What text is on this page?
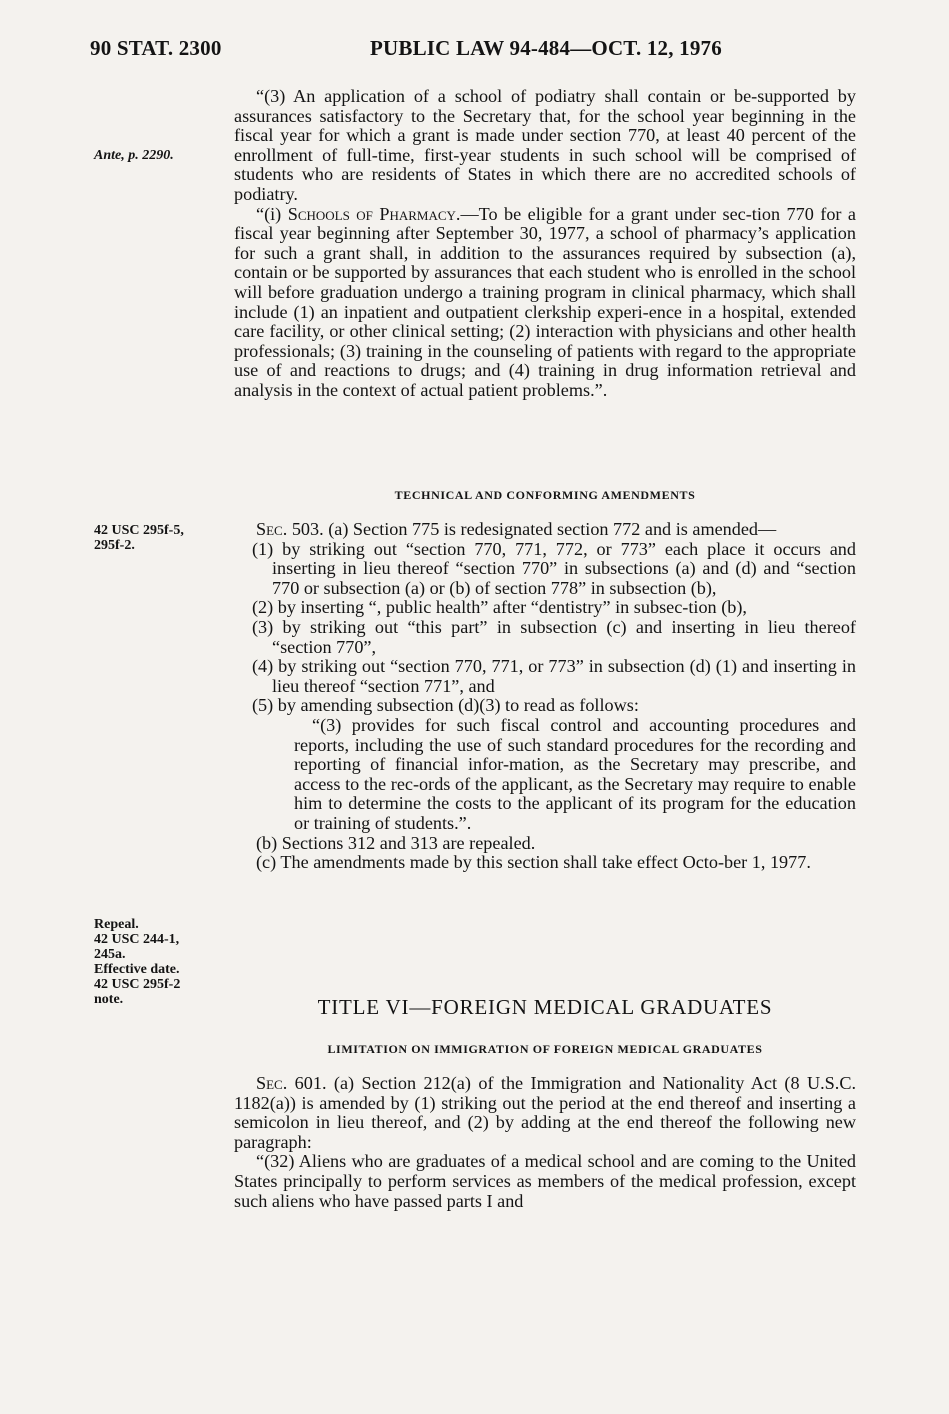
90 STAT. 2300	PUBLIC LAW 94-484—OCT. 12, 1976
Ante, p. 2290.
42 USC 295f-5,
295f-2.
Repeal.
42 USC 244-1,
245a.
Effective date.
42 USC 295f-2
note.

“(3) An application of a school of podiatry shall contain or be-supported by assurances satisfactory to the Secretary that, for the school year beginning in the fiscal year for which a grant is made under section 770, at least 40 percent of the enrollment of full-time, first-year students in such school will be comprised of students who are residents of States in which there are no accredited schools of podiatry.

“(i) Schools of Pharmacy.—To be eligible for a grant under sec-tion 770 for a fiscal year beginning after September 30, 1977, a school of pharmacy’s application for such a grant shall, in addition to the assurances required by subsection (a), contain or be supported by assurances that each student who is enrolled in the school will before graduation undergo a training program in clinical pharmacy, which shall include (1) an inpatient and outpatient clerkship experi-ence in a hospital, extended care facility, or other clinical setting; (2) interaction with physicians and other health professionals; (3) training in the counseling of patients with regard to the appropriate use of and reactions to drugs; and (4) training in drug information retrieval and analysis in the context of actual patient problems.”.

TECHNICAL AND CONFORMING AMENDMENTS

Sec. 503. (a) Section 775 is redesignated section 772 and is amended—

(1) by striking out “section 770, 771, 772, or 773” each place it occurs and inserting in lieu thereof “section 770” in subsections (a) and (d) and “section 770 or subsection (a) or (b) of section 778” in subsection (b),

(2) by inserting “, public health” after “dentistry” in subsec-tion (b),

(3) by striking out “this part” in subsection (c) and inserting in lieu thereof “section 770”,

(4) by striking out “section 770, 771, or 773” in subsection (d) (1) and inserting in lieu thereof “section 771”, and

(5) by amending subsection (d)(3) to read as follows:

“(3) provides for such fiscal control and accounting procedures and reports, including the use of such standard procedures for the recording and reporting of financial infor-mation, as the Secretary may prescribe, and access to the rec-ords of the applicant, as the Secretary may require to enable him to determine the costs to the applicant of its program for the education or training of students.”.

(b) Sections 312 and 313 are repealed.

(c) The amendments made by this section shall take effect Octo-ber 1, 1977.

TITLE VI—FOREIGN MEDICAL GRADUATES
LIMITATION ON IMMIGRATION OF FOREIGN MEDICAL GRADUATES

Sec. 601. (a) Section 212(a) of the Immigration and Nationality Act (8 U.S.C. 1182(a)) is amended by (1) striking out the period at the end thereof and inserting a semicolon in lieu thereof, and (2) by adding at the end thereof the following new paragraph:

“(32) Aliens who are graduates of a medical school and are coming to the United States principally to perform services as members of the medical profession, except such aliens who have passed parts I and
